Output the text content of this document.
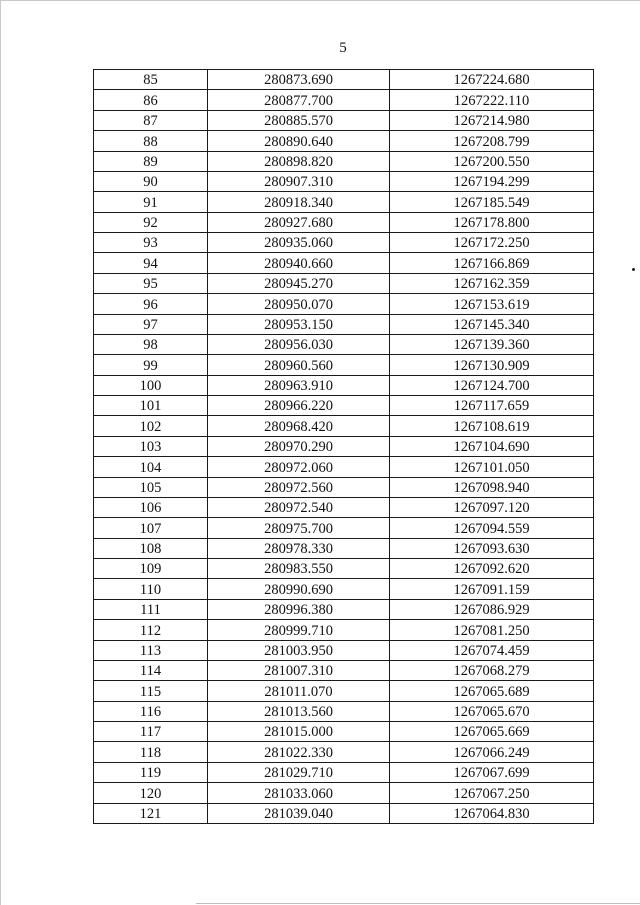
5
85	280873.690	1267224.680
86	280877.700	1267222.110
87	280885.570	1267214.980
88	280890.640	1267208.799
89	280898.820	1267200.550
90	280907.310	1267194.299
91	280918.340	1267185.549
92	280927.680	1267178.800
93	280935.060	1267172.250
94	280940.660	1267166.869
95	280945.270	1267162.359
96	280950.070	1267153.619
97	280953.150	1267145.340
98	280956.030	1267139.360
99	280960.560	1267130.909
100	280963.910	1267124.700
101	280966.220	1267117.659
102	280968.420	1267108.619
103	280970.290	1267104.690
104	280972.060	1267101.050
105	280972.560	1267098.940
106	280972.540	1267097.120
107	280975.700	1267094.559
108	280978.330	1267093.630
109	280983.550	1267092.620
110	280990.690	1267091.159
111	280996.380	1267086.929
112	280999.710	1267081.250
113	281003.950	1267074.459
114	281007.310	1267068.279
115	281011.070	1267065.689
116	281013.560	1267065.670
117	281015.000	1267065.669
118	281022.330	1267066.249
119	281029.710	1267067.699
120	281033.060	1267067.250
121	281039.040	1267064.830
